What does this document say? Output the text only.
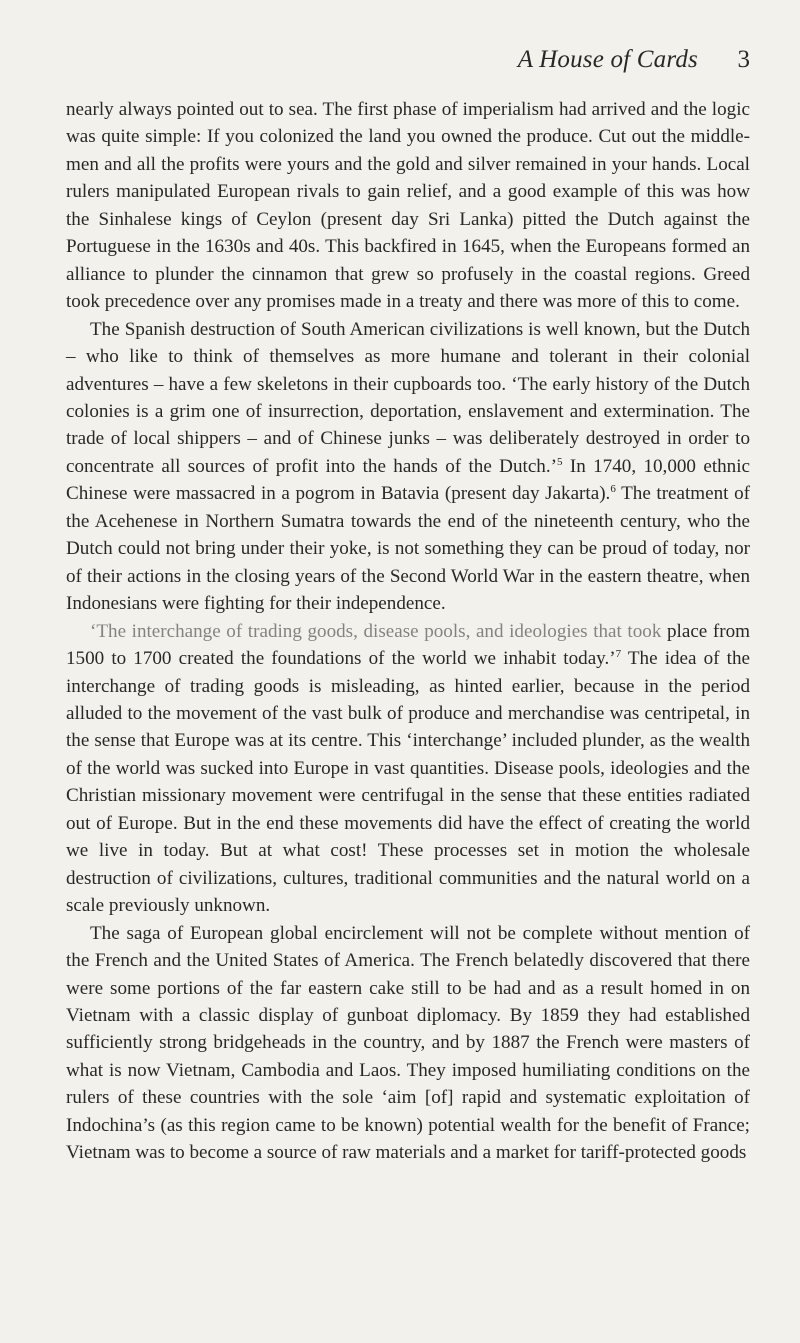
A House of Cards 3

nearly always pointed out to sea. The first phase of imperialism had arrived and the logic was quite simple: If you colonized the land you owned the produce. Cut out the middle-men and all the profits were yours and the gold and silver remained in your hands. Local rulers manipulated European rivals to gain relief, and a good example of this was how the Sinhalese kings of Ceylon (present day Sri Lanka) pitted the Dutch against the Portuguese in the 1630s and 40s. This backfired in 1645, when the Europeans formed an alliance to plunder the cinnamon that grew so profusely in the coastal regions. Greed took precedence over any promises made in a treaty and there was more of this to come.

The Spanish destruction of South American civilizations is well known, but the Dutch – who like to think of themselves as more humane and tolerant in their colonial adventures – have a few skeletons in their cupboards too. ‘The early history of the Dutch colonies is a grim one of insurrection, deportation, enslavement and extermination. The trade of local shippers – and of Chinese junks – was deliberately destroyed in order to concentrate all sources of profit into the hands of the Dutch.’$^5$ In 1740, 10,000 ethnic Chinese were massacred in a pogrom in Batavia (present day Jakarta).$^6$ The treatment of the Acehenese in Northern Sumatra towards the end of the nineteenth century, who the Dutch could not bring under their yoke, is not something they can be proud of today, nor of their actions in the closing years of the Second World War in the eastern theatre, when Indonesians were fighting for their independence.

‘The interchange of trading goods, disease pools, and ideologies that took place from 1500 to 1700 created the foundations of the world we inhabit today.’$^7$ The idea of the interchange of trading goods is misleading, as hinted earlier, because in the period alluded to the movement of the vast bulk of produce and merchandise was centripetal, in the sense that Europe was at its centre. This ‘interchange’ included plunder, as the wealth of the world was sucked into Europe in vast quantities. Disease pools, ideologies and the Christian missionary movement were centrifugal in the sense that these entities radiated out of Europe. But in the end these movements did have the effect of creating the world we live in today. But at what cost! These processes set in motion the wholesale destruction of civilizations, cultures, traditional communities and the natural world on a scale previously unknown.

The saga of European global encirclement will not be complete without mention of the French and the United States of America. The French belatedly discovered that there were some portions of the far eastern cake still to be had and as a result homed in on Vietnam with a classic display of gunboat diplomacy. By 1859 they had established sufficiently strong bridgeheads in the country, and by 1887 the French were masters of what is now Vietnam, Cambodia and Laos. They imposed humiliating conditions on the rulers of these countries with the sole ‘aim [of] rapid and systematic exploitation of Indochina’s (as this region came to be known) potential wealth for the benefit of France; Vietnam was to become a source of raw materials and a market for tariff-protected goods
